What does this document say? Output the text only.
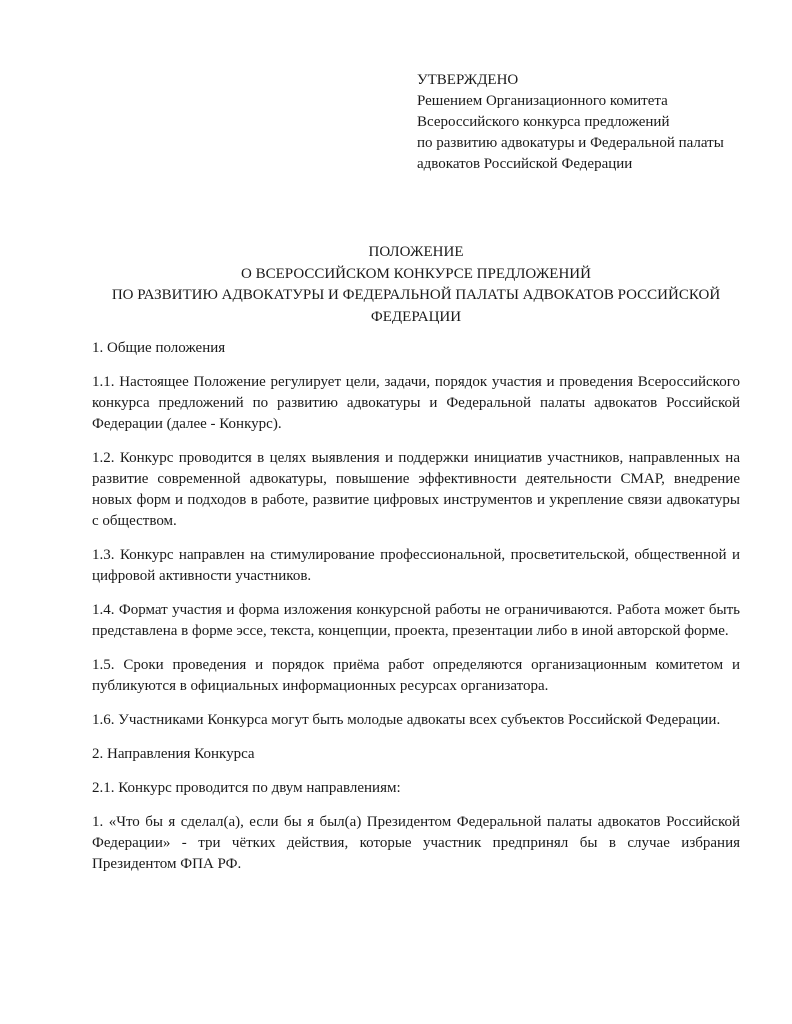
УТВЕРЖДЕНО
Решением Организационного комитета
Всероссийского конкурса предложений
по развитию адвокатуры и Федеральной палаты
адвокатов Российской Федерации
ПОЛОЖЕНИЕ
О ВСЕРОССИЙСКОМ КОНКУРСЕ ПРЕДЛОЖЕНИЙ
ПО РАЗВИТИЮ АДВОКАТУРЫ И ФЕДЕРАЛЬНОЙ ПАЛАТЫ АДВОКАТОВ РОССИЙСКОЙ ФЕДЕРАЦИИ
1. Общие положения
1.1. Настоящее Положение регулирует цели, задачи, порядок участия и проведения Всероссийского конкурса предложений по развитию адвокатуры и Федеральной палаты адвокатов Российской Федерации (далее - Конкурс).
1.2. Конкурс проводится в целях выявления и поддержки инициатив участников, направленных на развитие современной адвокатуры, повышение эффективности деятельности СМАР, внедрение новых форм и подходов в работе, развитие цифровых инструментов и укрепление связи адвокатуры с обществом.
1.3. Конкурс направлен на стимулирование профессиональной, просветительской, общественной и цифровой активности участников.
1.4. Формат участия и форма изложения конкурсной работы не ограничиваются. Работа может быть представлена в форме эссе, текста, концепции, проекта, презентации либо в иной авторской форме.
1.5. Сроки проведения и порядок приёма работ определяются организационным комитетом и публикуются в официальных информационных ресурсах организатора.
1.6. Участниками Конкурса могут быть молодые адвокаты всех субъектов Российской Федерации.
2. Направления Конкурса
2.1. Конкурс проводится по двум направлениям:
1. «Что бы я сделал(а), если бы я был(а) Президентом Федеральной палаты адвокатов Российской Федерации» - три чётких действия, которые участник предпринял бы в случае избрания Президентом ФПА РФ.
